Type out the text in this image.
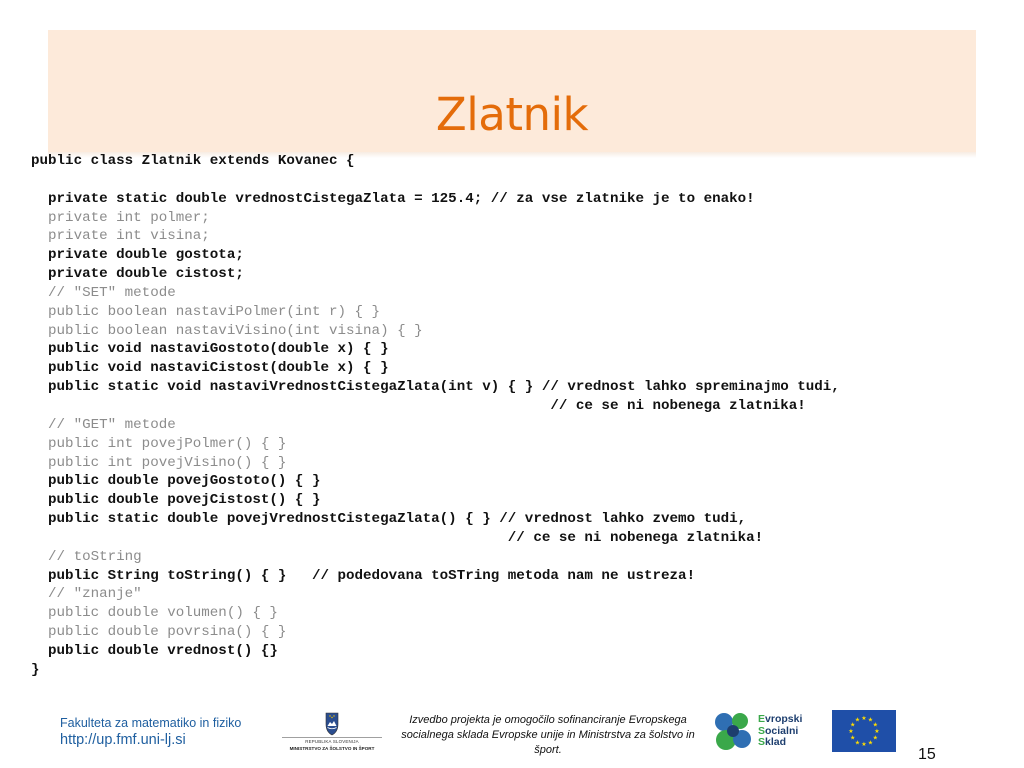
Zlatnik
public class Zlatnik extends Kovanec {
private static double vrednostCistegaZlata = 125.4; // za vse zlatnike je to enako!
private int polmer;
private int visina;
private double gostota;
private double cistost;
// "SET" metode
public boolean nastaviPolmer(int r) { }
public boolean nastaviVisino(int visina) { }
public void nastaviGostoto(double x) { }
public void nastaviCistost(double x) { }
public static void nastaviVrednostCistegaZlata(int v) { } // vrednost lahko spreminajmo tudi,
// ce se ni nobenega zlatnika!
// "GET" metode
public int povejPolmer() { }
public int povejVisino() { }
public double povejGostoto() { }
public double povejCistost() { }
public static double povejVrednostCistegaZlata() { } // vrednost lahko zvemo tudi,
// ce se ni nobenega zlatnika!
// toString
public String toString() { }   // podedovana toSTring metoda nam ne ustreza!
// "znanje"
public double volumen() { }
public double povrsina() { }
public double vrednost() {}
}
Fakulteta za matematiko in fiziko
http://up.fmf.uni-lj.si	REPUBLIKA SLOVENIJA
MINISTRSTVO ZA ŠOLSTVO IN ŠPORT
Izvedbo projekta je omogočilo sofinanciranje Evropskega socialnega sklada Evropske unije in Ministrstva za šolstvo in šport.
Evropski
Socialni
Sklad
★
★
★
★
★
★
★
★
★ ★ ★
★
15
